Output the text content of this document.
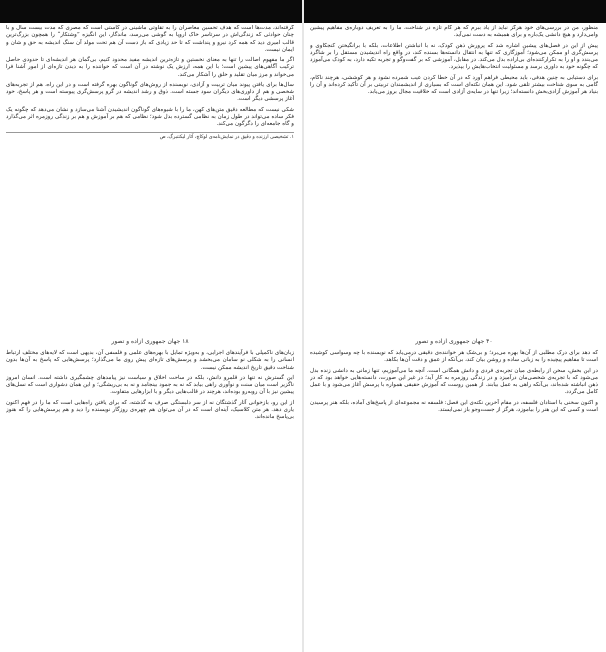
گرفته‌اند، مدت‌ها است که هدف تحسین معاصران را به تقاوتی ماشینی در کاستی است که مصری که مدت بیست سال و با چنان حوادثی که زندگی‌اش در سرتاسر خاک اروپا به گوشی می‌رسد، ماندگار، این انگیزه ”وشتکار“ را همچون بزرگ‌ترین قالب امیری دید که همه کرد نیرو و پنداشت که تا حد زیادی که باز دست آن هم تحت مولد آن سنگ اندیشه به حق و شان و ایمان نیست.

اگر ما مفهوم اصالت را تنها به معنای نخستین و تازه‌ترین اندیشه مفید محدود کنیم، بی‌گمان هر اندیشه‌ای تا حدودی حاصل ترکیب آگاهی‌های پیشین است؛ با این همه، ارزش یک نوشته در آن است که خواننده را به دیدن تازه‌ای از امور آشنا فرا می‌خواند و مرز میان تقلید و خلق را آشکار می‌کند.

سال‌ها برای یافتن پیوند میان تربیت و آزادی، نویسنده از روش‌های گوناگون بهره گرفته است و در این راه، هم از تجربه‌های شخصی و هم از داوری‌های دیگران سود جسته است. ذوق و رشد اندیشه در گرو پرسش‌گری پیوسته است و هر پاسخ، خود آغاز پرسشی دیگر است.

شکی نیست که مطالعه دقیق متن‌های کهن، ما را با شیوه‌های گوناگون اندیشیدن آشنا می‌سازد و نشان می‌دهد که چگونه یک فکر ساده می‌تواند در طول زمان به نظامی گسترده بدل شود؛ نظامی که هم بر آموزش و هم بر زندگی روزمره اثر می‌گذارد و گاه جامعه‌ای را دگرگون می‌کند.

۱. تشخیصی ارزنده و دقیق در نمایش‌نامه‌ی لوکاچ، آثار لیکتنبرگ، ص

منظور، من در بررسی‌های خود هرگز نباید از یاد ببرم که هر گام تازه در شناخت، ما را به تعریف دوباره‌ی مفاهیم پیشین وامی‌دارد و هیچ دانشی یک‌باره و برای همیشه به دست نمی‌آید.

پیش از این در فصل‌های پیشین اشاره شد که پرورش ذهن کودک، نه با انباشتن اطلاعات، بلکه با برانگیختن کنجکاوی و پرسش‌گری او ممکن می‌شود؛ آموزگاری که تنها به انتقال دانسته‌ها بسنده کند، در واقع راه اندیشیدن مستقل را بر شاگرد می‌بندد و او را به تکرارکننده‌ای بی‌اراده بدل می‌کند. در مقابل، آموزشی که بر گفت‌وگو و تجربه تکیه دارد، به کودک می‌آموزد که چگونه خود به داوری برسد و مسئولیت انتخاب‌هایش را بپذیرد.

برای دستیابی به چنین هدفی، باید محیطی فراهم آورد که در آن خطا کردن عیب شمرده نشود و هر کوششی، هرچند ناکام، گامی به سوی شناخت بیشتر تلقی شود. این همان نکته‌ای است که بسیاری از اندیشمندان تربیتی بر آن تأکید کرده‌اند و آن را بنیاد هر آموزش آزادی‌بخش دانسته‌اند؛ زیرا تنها در سایه‌ی آزادی است که خلاقیت مجال بروز می‌یابد.

۱۸ جهان جمهوری آزاده و تصور

زبان‌های ناکمپلی با فرآیندهای اجرایی، و به‌ویژه تمایل با بهره‌های علمی و فلسفی آن، بدیهی است که لایه‌های مختلف ارتباط انسانی را به شکلی نو سامان می‌بخشد و پرسش‌های تازه‌ای پیش روی ما می‌گذارد؛ پرسش‌هایی که پاسخ به آن‌ها بدون شناخت دقیق تاریخ اندیشه ممکن نیست.

این گسترش نه تنها در قلمرو دانش، بلکه در ساحت اخلاق و سیاست نیز پیامدهای چشمگیری داشته است. انسان امروز ناگزیر است میان سنت و نوآوری راهی بیابد که نه به جمود بینجامد و نه به بی‌ریشگی؛ و این همان دشواری است که نسل‌های پیشین نیز با آن روبه‌رو بوده‌اند، هرچند در قالب‌هایی دیگر و با ابزارهایی متفاوت.

از این رو، بازخوانی آثار گذشتگان نه از سر دلبستگی صرف به گذشته، که برای یافتن راه‌هایی است که ما را در فهم اکنون یاری دهد. هر متن کلاسیک، آینه‌ای است که در آن می‌توان هم چهره‌ی روزگار نویسنده را دید و هم پرسش‌هایی را که هنوز بی‌پاسخ مانده‌اند.

۴۰ جهان جمهوری آزاده و تصور

که دهد برای درک مطلبی از آن‌ها بهره می‌برد؛ و بی‌شک هر خواننده‌ی دقیقی درمی‌یابد که نویسنده با چه وسواسی کوشیده است تا مفاهیم پیچیده را به زبانی ساده و روشن بیان کند، بی‌آنکه از عمق و دقت آن‌ها بکاهد.

در این بخش، سخن از رابطه‌ی میان تجربه‌ی فردی و دانش همگانی است. آنچه ما می‌آموزیم، تنها زمانی به دانشی زنده بدل می‌شود که با تجربه‌ی شخصی‌مان درآمیزد و در زندگی روزمره به کار آید؛ در غیر این صورت، دانسته‌هایی خواهد بود که در ذهن انباشته شده‌اند، بی‌آنکه راهی به عمل بیابند. از همین روست که آموزش حقیقی همواره با پرسش آغاز می‌شود و با عمل کامل می‌گردد.

و اکنون سخنی با استادان فلسفه، در مقام آخرین نکته‌ی این فصل: فلسفه نه مجموعه‌ای از پاسخ‌های آماده، بلکه هنر پرسیدن است و کسی که این هنر را بیاموزد، هرگز از جست‌وجو باز نمی‌ایستد.
